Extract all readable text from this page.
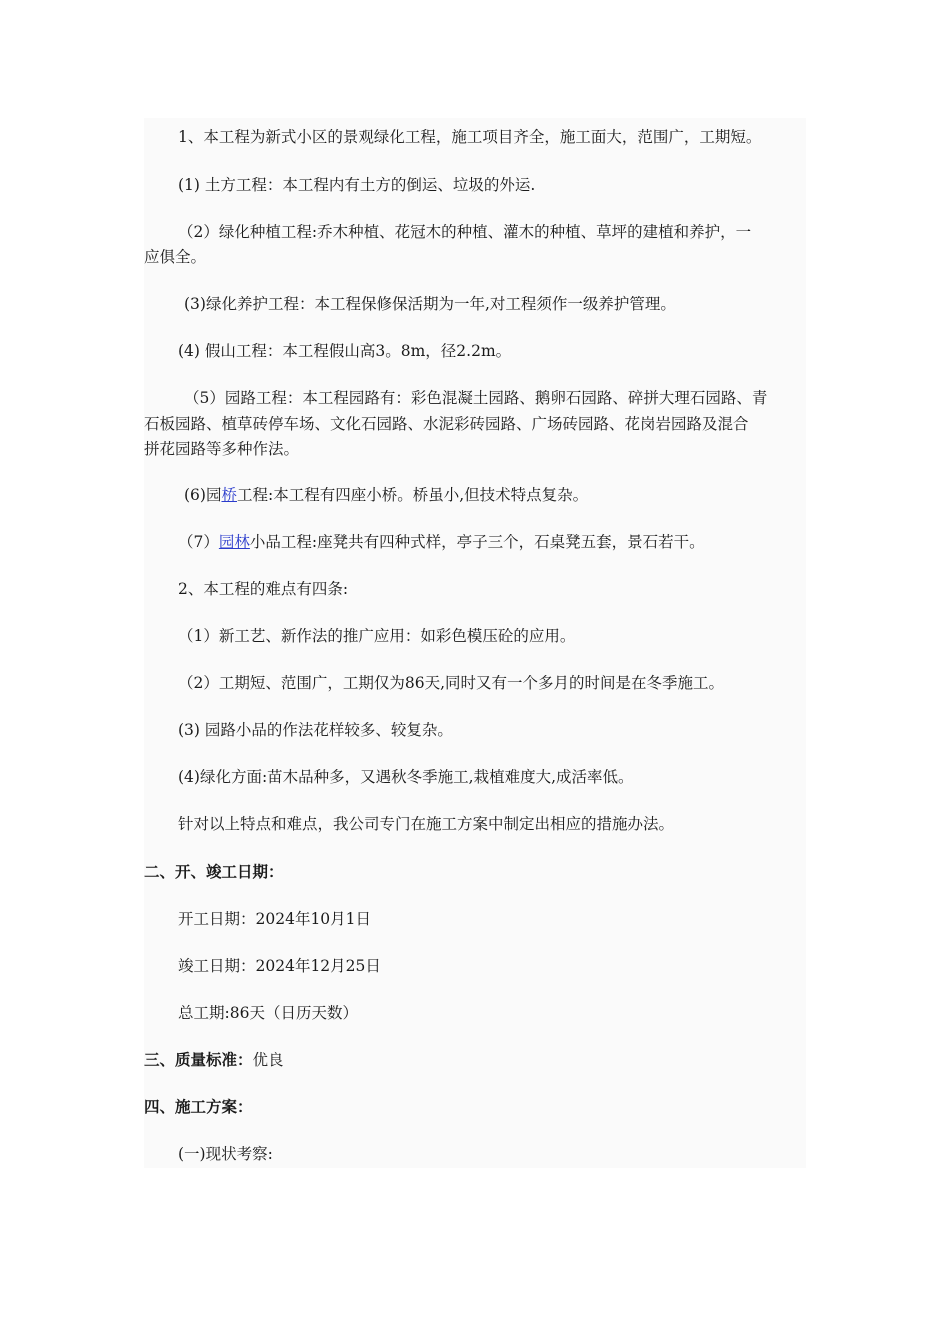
1、本工程为新式小区的景观绿化工程，施工项目齐全，施工面大，范围广，工期短。
(1) 土方工程：本工程内有土方的倒运、垃圾的外运.
（2）绿化种植工程:乔木种植、花冠木的种植、灌木的种植、草坪的建植和养护，一
应俱全。
(3)绿化养护工程：本工程保修保活期为一年,对工程须作一级养护管理。
(4) 假山工程：本工程假山高3。8m，径2.2m。
（5）园路工程：本工程园路有：彩色混凝土园路、鹅卵石园路、碎拼大理石园路、青
石板园路、植草砖停车场、文化石园路、水泥彩砖园路、广场砖园路、花岗岩园路及混合
拼花园路等多种作法。
(6)园桥工程:本工程有四座小桥。桥虽小,但技术特点复杂。
（7）园林小品工程:座凳共有四种式样，亭子三个，石桌凳五套，景石若干。
2、本工程的难点有四条:
（1）新工艺、新作法的推广应用：如彩色模压砼的应用。
（2）工期短、范围广，工期仅为86天,同时又有一个多月的时间是在冬季施工。
(3) 园路小品的作法花样较多、较复杂。
(4)绿化方面:苗木品种多，又遇秋冬季施工,栽植难度大,成活率低。
针对以上特点和难点，我公司专门在施工方案中制定出相应的措施办法。
二、开、竣工日期：
开工日期：2024年10月1日
竣工日期：2024年12月25日
总工期:86天（日历天数）
三、质量标准：优良
四、施工方案：
(一)现状考察:
